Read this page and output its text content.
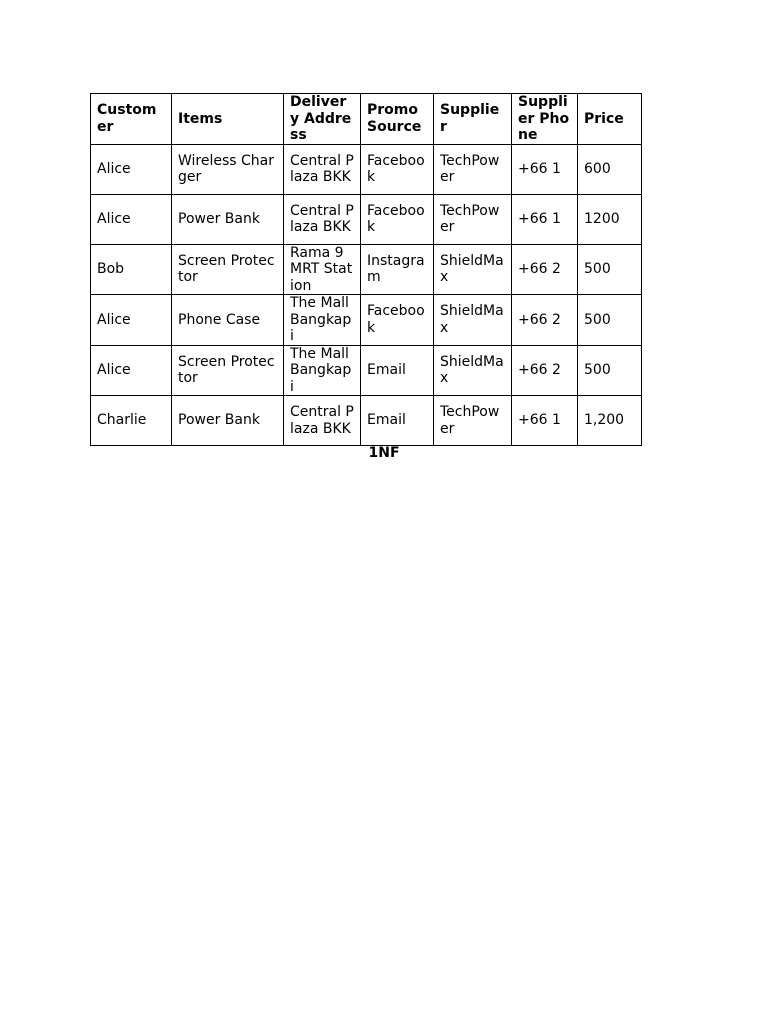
Customer	Items	Delivery Address	Promo Source	Supplier	Supplier Phone	Price
Alice	Wireless Charger	Central Plaza BKK	Facebook	TechPower	+66 1	600
Alice	Power Bank	Central Plaza BKK	Facebook	TechPower	+66 1	1200
Bob	Screen Protector	Rama 9 MRT Station	Instagram	ShieldMax	+66 2	500
Alice	Phone Case	The Mall Bangkapi	Facebook	ShieldMax	+66 2	500
Alice	Screen Protector	The Mall Bangkapi	Email	ShieldMax	+66 2	500
Charlie	Power Bank	Central Plaza BKK	Email	TechPower	+66 1	1,200
1NF
